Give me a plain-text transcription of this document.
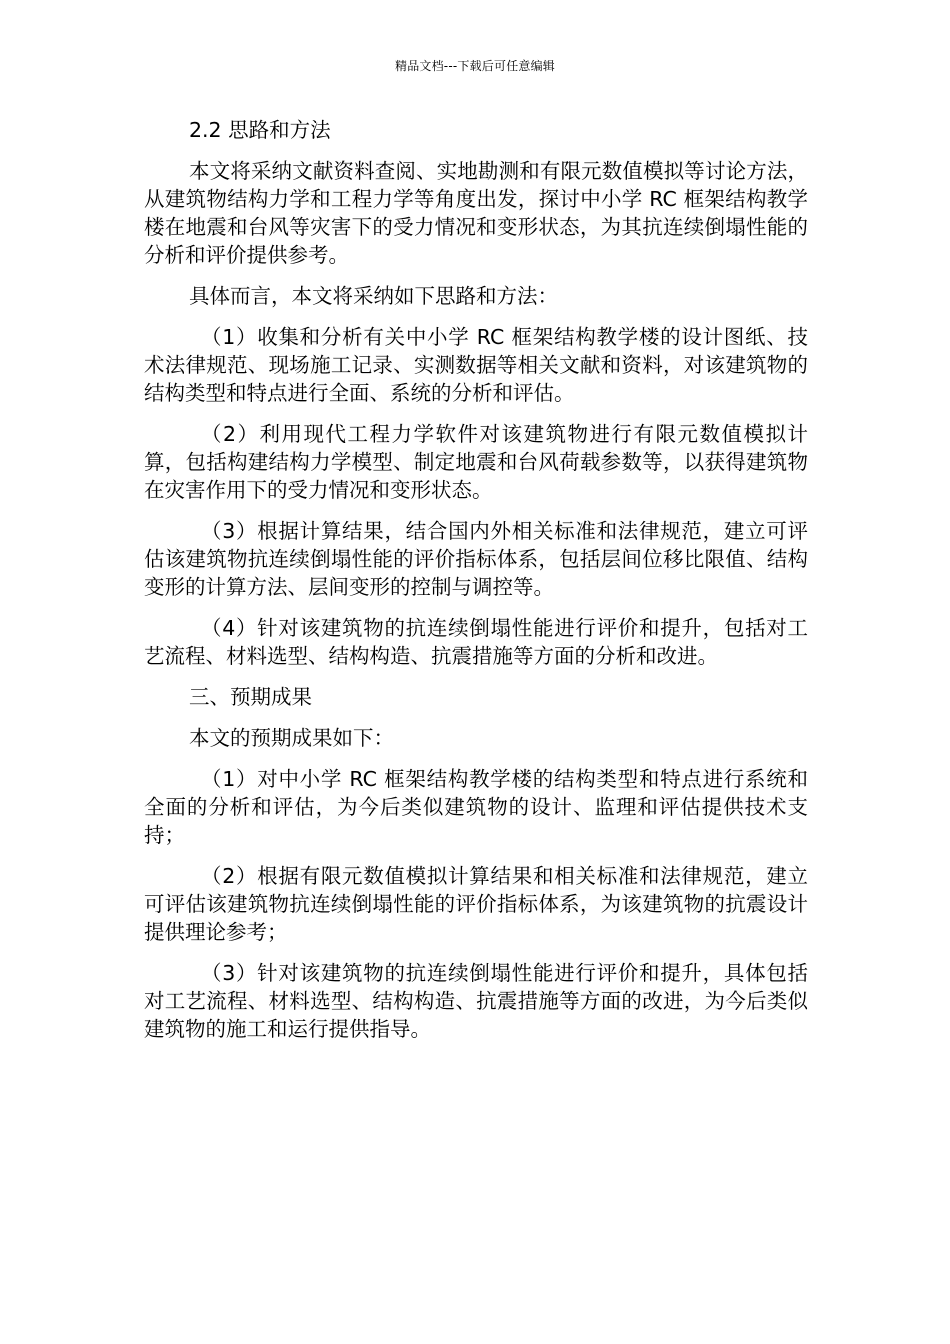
精品文档---下载后可任意编辑

2.2 思路和方法

本文将采纳文献资料查阅、实地勘测和有限元数值模拟等讨论方法，从建筑物结构力学和工程力学等角度出发，探讨中小学 RC 框架结构教学楼在地震和台风等灾害下的受力情况和变形状态，为其抗连续倒塌性能的分析和评价提供参考。

具体而言，本文将采纳如下思路和方法：

（1）收集和分析有关中小学 RC 框架结构教学楼的设计图纸、技术法律规范、现场施工记录、实测数据等相关文献和资料，对该建筑物的结构类型和特点进行全面、系统的分析和评估。

（2）利用现代工程力学软件对该建筑物进行有限元数值模拟计算，包括构建结构力学模型、制定地震和台风荷载参数等，以获得建筑物在灾害作用下的受力情况和变形状态。

（3）根据计算结果，结合国内外相关标准和法律规范，建立可评估该建筑物抗连续倒塌性能的评价指标体系，包括层间位移比限值、结构变形的计算方法、层间变形的控制与调控等。

（4）针对该建筑物的抗连续倒塌性能进行评价和提升，包括对工艺流程、材料选型、结构构造、抗震措施等方面的分析和改进。

三、预期成果

本文的预期成果如下：

（1）对中小学 RC 框架结构教学楼的结构类型和特点进行系统和全面的分析和评估，为今后类似建筑物的设计、监理和评估提供技术支持；

（2）根据有限元数值模拟计算结果和相关标准和法律规范，建立可评估该建筑物抗连续倒塌性能的评价指标体系，为该建筑物的抗震设计提供理论参考；

（3）针对该建筑物的抗连续倒塌性能进行评价和提升，具体包括对工艺流程、材料选型、结构构造、抗震措施等方面的改进，为今后类似建筑物的施工和运行提供指导。
